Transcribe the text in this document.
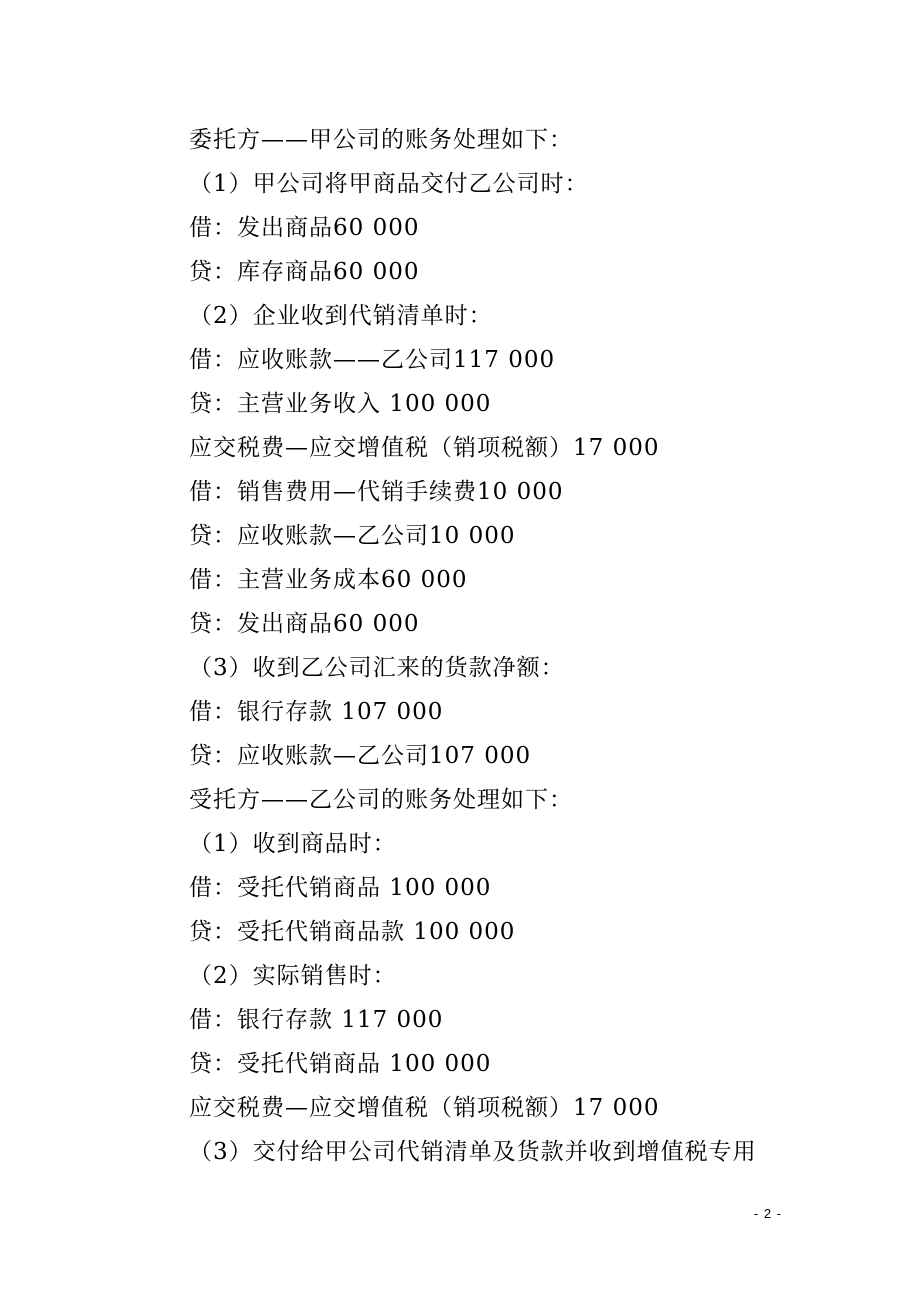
委托方——甲公司的账务处理如下：
（1）甲公司将甲商品交付乙公司时：
借：发出商品60 000
贷：库存商品60 000
（2）企业收到代销清单时：
借：应收账款——乙公司117 000
贷：主营业务收入 100 000
应交税费—应交增值税（销项税额）17 000
借：销售费用—代销手续费10 000
贷：应收账款—乙公司10 000
借：主营业务成本60 000
贷：发出商品60 000
（3）收到乙公司汇来的货款净额：
借：银行存款 107 000
贷：应收账款—乙公司107 000
受托方——乙公司的账务处理如下：
（1）收到商品时：
借：受托代销商品 100 000
贷：受托代销商品款 100 000
（2）实际销售时：
借：银行存款 117 000
贷：受托代销商品 100 000
应交税费—应交增值税（销项税额）17 000
（3）交付给甲公司代销清单及货款并收到增值税专用
- 2 -
